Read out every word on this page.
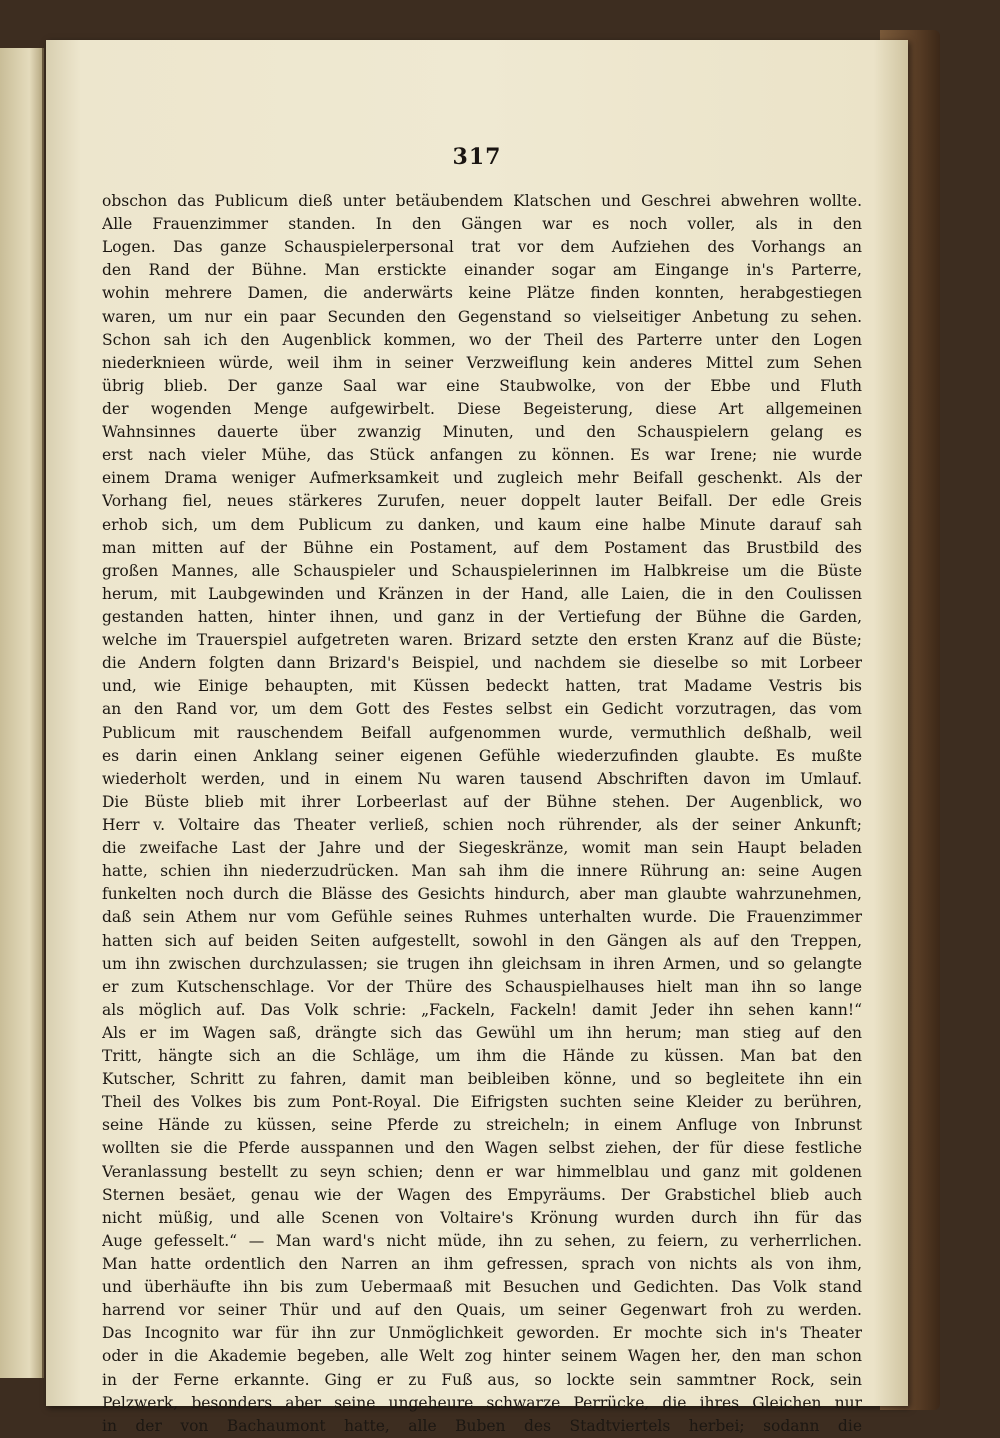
317
obschon das Publicum dieß unter betäubendem Klatschen und Geschrei abwehren wollte.
Alle Frauenzimmer standen. In den Gängen war es noch voller, als in den
Logen. Das ganze Schauspielerpersonal trat vor dem Aufziehen des Vorhangs an
den Rand der Bühne. Man erstickte einander sogar am Eingange in's Parterre,
wohin mehrere Damen, die anderwärts keine Plätze finden konnten, herabgestiegen
waren, um nur ein paar Secunden den Gegenstand so vielseitiger Anbetung zu sehen.
Schon sah ich den Augenblick kommen, wo der Theil des Parterre unter den Logen
niederknieen würde, weil ihm in seiner Verzweiflung kein anderes Mittel zum Sehen
übrig blieb. Der ganze Saal war eine Staubwolke, von der Ebbe und Fluth
der wogenden Menge aufgewirbelt. Diese Begeisterung, diese Art allgemeinen
Wahnsinnes dauerte über zwanzig Minuten, und den Schauspielern gelang es
erst nach vieler Mühe, das Stück anfangen zu können. Es war Irene; nie wurde
einem Drama weniger Aufmerksamkeit und zugleich mehr Beifall geschenkt. Als der
Vorhang fiel, neues stärkeres Zurufen, neuer doppelt lauter Beifall. Der edle Greis
erhob sich, um dem Publicum zu danken, und kaum eine halbe Minute darauf sah
man mitten auf der Bühne ein Postament, auf dem Postament das Brustbild des
großen Mannes, alle Schauspieler und Schauspielerinnen im Halbkreise um die Büste
herum, mit Laubgewinden und Kränzen in der Hand, alle Laien, die in den Coulissen
gestanden hatten, hinter ihnen, und ganz in der Vertiefung der Bühne die Garden,
welche im Trauerspiel aufgetreten waren. Brizard setzte den ersten Kranz auf die Büste;
die Andern folgten dann Brizard's Beispiel, und nachdem sie dieselbe so mit Lorbeer
und, wie Einige behaupten, mit Küssen bedeckt hatten, trat Madame Vestris bis
an den Rand vor, um dem Gott des Festes selbst ein Gedicht vorzutragen, das vom
Publicum mit rauschendem Beifall aufgenommen wurde, vermuthlich deßhalb, weil
es darin einen Anklang seiner eigenen Gefühle wiederzufinden glaubte. Es mußte
wiederholt werden, und in einem Nu waren tausend Abschriften davon im Umlauf.
Die Büste blieb mit ihrer Lorbeerlast auf der Bühne stehen. Der Augenblick, wo
Herr v. Voltaire das Theater verließ, schien noch rührender, als der seiner Ankunft;
die zweifache Last der Jahre und der Siegeskränze, womit man sein Haupt beladen
hatte, schien ihn niederzudrücken. Man sah ihm die innere Rührung an: seine Augen
funkelten noch durch die Blässe des Gesichts hindurch, aber man glaubte wahrzunehmen,
daß sein Athem nur vom Gefühle seines Ruhmes unterhalten wurde. Die Frauenzimmer
hatten sich auf beiden Seiten aufgestellt, sowohl in den Gängen als auf den Treppen,
um ihn zwischen durchzulassen; sie trugen ihn gleichsam in ihren Armen, und so gelangte
er zum Kutschenschlage. Vor der Thüre des Schauspielhauses hielt man ihn so lange
als möglich auf. Das Volk schrie: „Fackeln, Fackeln! damit Jeder ihn sehen kann!“
Als er im Wagen saß, drängte sich das Gewühl um ihn herum; man stieg auf den
Tritt, hängte sich an die Schläge, um ihm die Hände zu küssen. Man bat den
Kutscher, Schritt zu fahren, damit man beibleiben könne, und so begleitete ihn ein
Theil des Volkes bis zum Pont-Royal. Die Eifrigsten suchten seine Kleider zu berühren,
seine Hände zu küssen, seine Pferde zu streicheln; in einem Anfluge von Inbrunst
wollten sie die Pferde ausspannen und den Wagen selbst ziehen, der für diese festliche
Veranlassung bestellt zu seyn schien; denn er war himmelblau und ganz mit goldenen
Sternen besäet, genau wie der Wagen des Empyräums. Der Grabstichel blieb auch
nicht müßig, und alle Scenen von Voltaire's Krönung wurden durch ihn für das
Auge gefesselt.“ — Man ward's nicht müde, ihn zu sehen, zu feiern, zu verherrlichen.
Man hatte ordentlich den Narren an ihm gefressen, sprach von nichts als von ihm,
und überhäufte ihn bis zum Uebermaaß mit Besuchen und Gedichten. Das Volk stand
harrend vor seiner Thür und auf den Quais, um seiner Gegenwart froh zu werden.
Das Incognito war für ihn zur Unmöglichkeit geworden. Er mochte sich in's Theater
oder in die Akademie begeben, alle Welt zog hinter seinem Wagen her, den man schon
in der Ferne erkannte. Ging er zu Fuß aus, so lockte sein sammtner Rock, sein
Pelzwerk, besonders aber seine ungeheure schwarze Perrücke, die ihres Gleichen nur
in der von Bachaumont hatte, alle Buben des Stadtviertels herbei; sodann die
